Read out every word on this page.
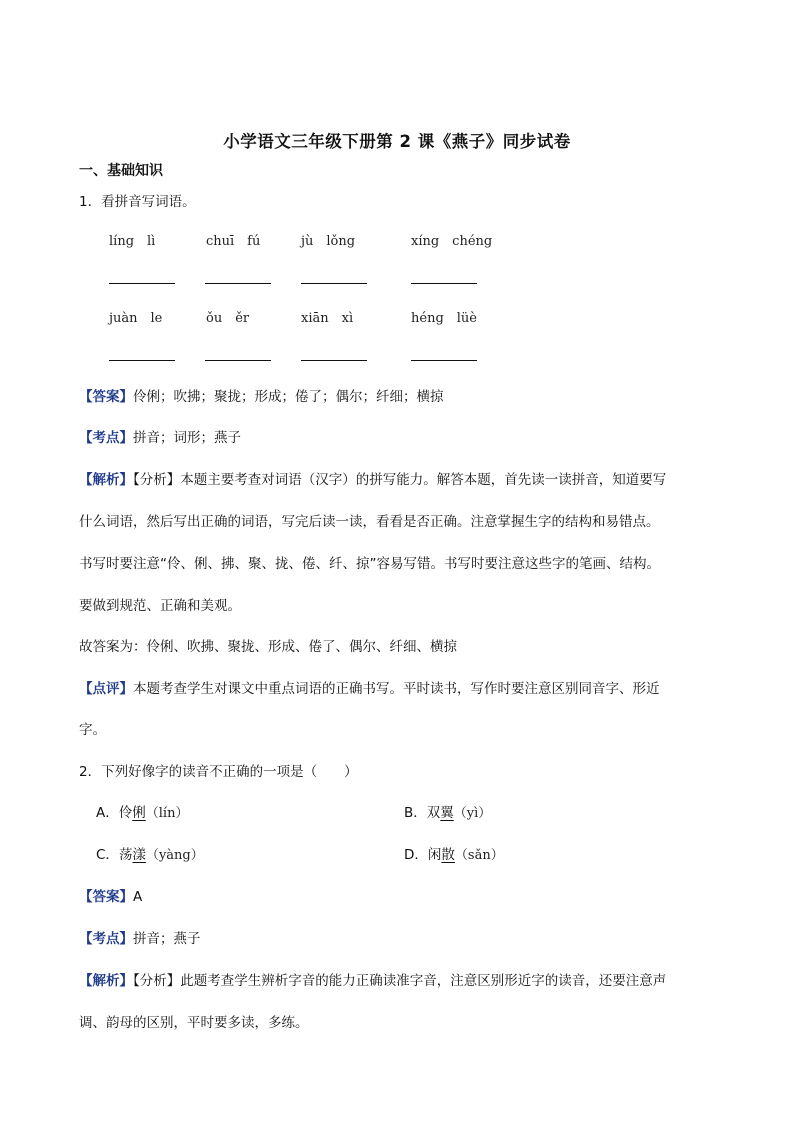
小学语文三年级下册第 2 课《燕子》同步试卷
一、基础知识
1．看拼音写词语。
líng　lì	chuī　fú	jù　lǒng	xíng　chéng
juàn　le	ǒu　ěr	xiān　xì	héng　lüè
【答案】伶俐；吹拂；聚拢；形成；倦了；偶尔；纤细；横掠
【考点】拼音；词形；燕子
【解析】【分析】本题主要考查对词语（汉字）的拼写能力。解答本题，首先读一读拼音，知道要写
什么词语，然后写出正确的词语，写完后读一读，看看是否正确。注意掌握生字的结构和易错点。
书写时要注意“伶、俐、拂、聚、拢、倦、纤、掠”容易写错。书写时要注意这些字的笔画、结构。
要做到规范、正确和美观。
故答案为：伶俐、吹拂、聚拢、形成、倦了、偶尔、纤细、横掠
【点评】本题考查学生对课文中重点词语的正确书写。平时读书，写作时要注意区别同音字、形近
字。
2．下列好像字的读音不正确的一项是（　　）
A．伶俐（lín）	B．双翼（yì）
C．荡漾（yàng）	D．闲散（sǎn）
【答案】A
【考点】拼音；燕子
【解析】【分析】此题考查学生辨析字音的能力正确读准字音，注意区别形近字的读音，还要注意声
调、韵母的区别，平时要多读，多练。
